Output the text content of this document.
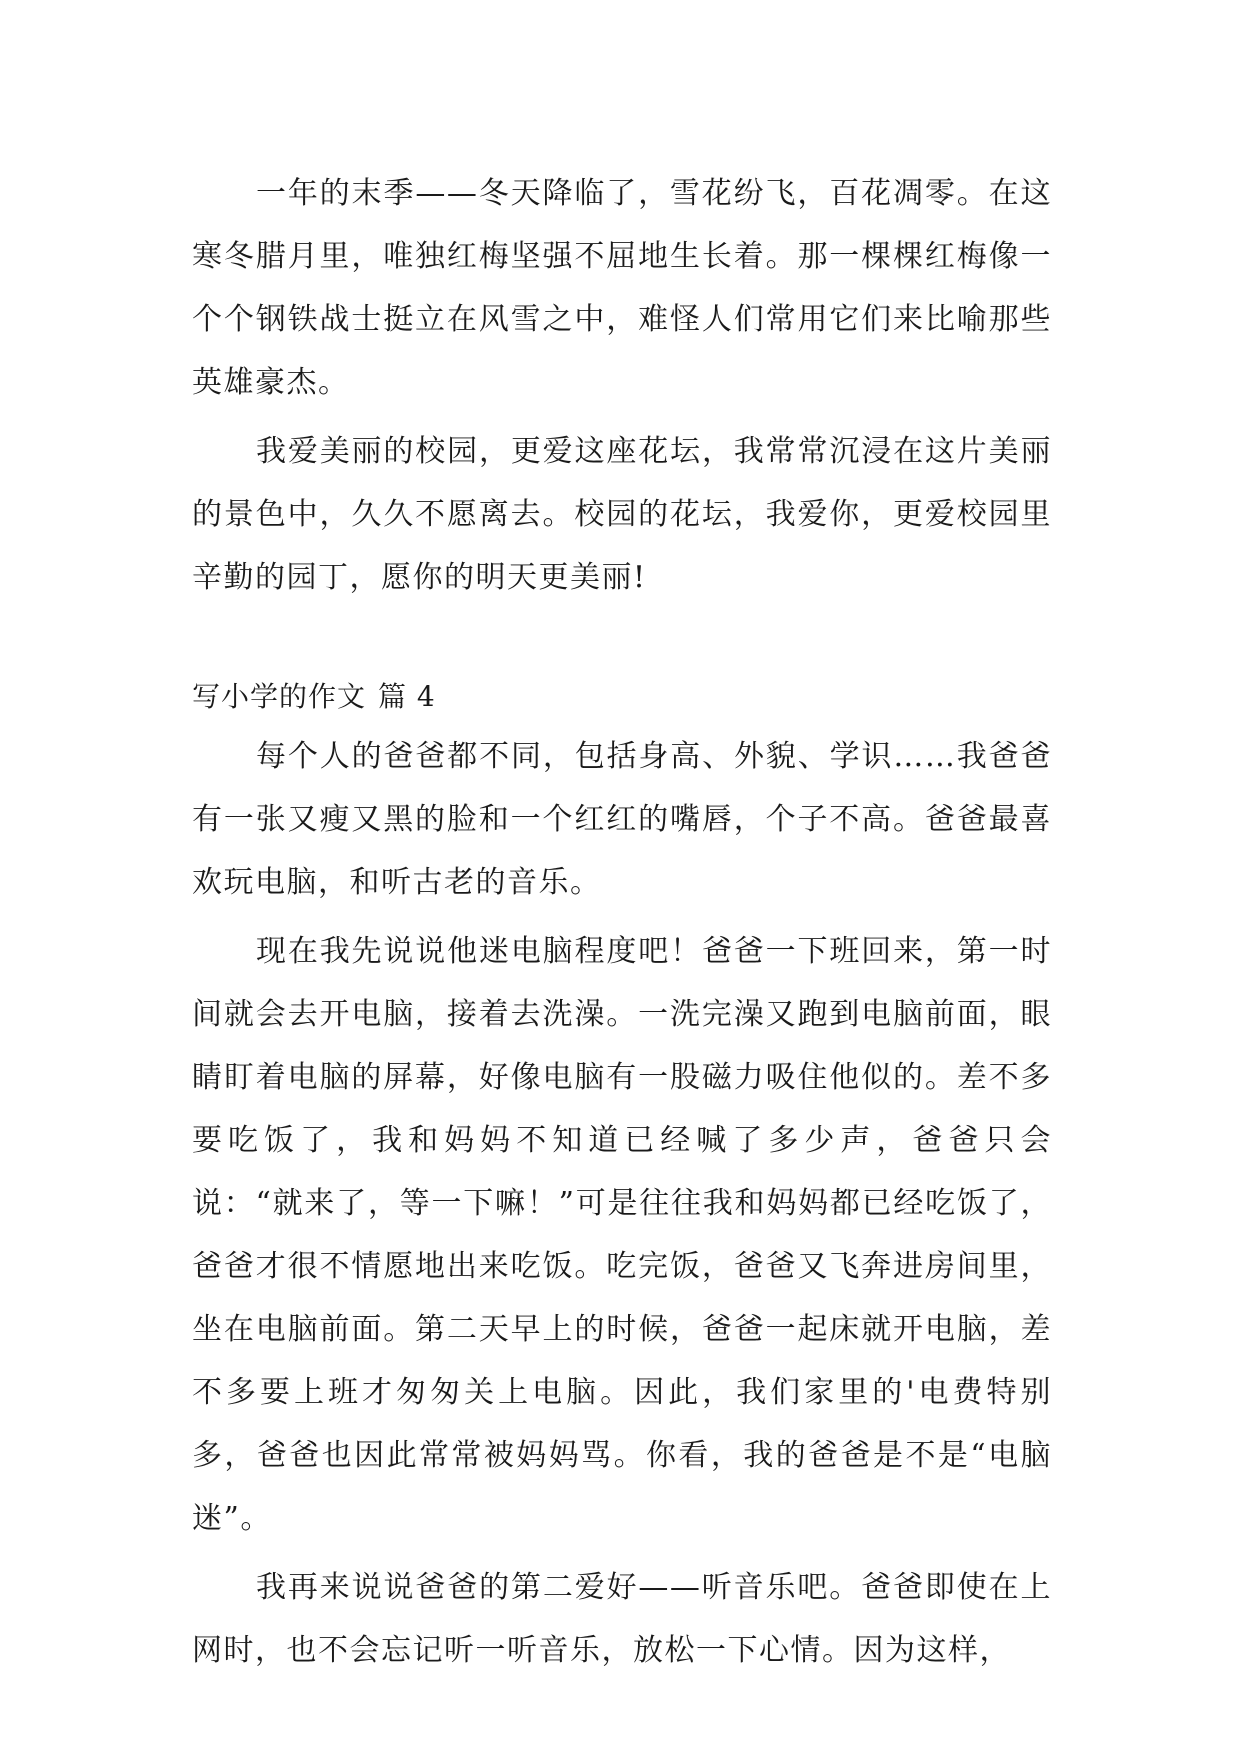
一年的末季——冬天降临了，雪花纷飞，百花凋零。在这寒冬腊月里，唯独红梅坚强不屈地生长着。那一棵棵红梅像一个个钢铁战士挺立在风雪之中，难怪人们常用它们来比喻那些英雄豪杰。

我爱美丽的校园，更爱这座花坛，我常常沉浸在这片美丽的景色中，久久不愿离去。校园的花坛，我爱你，更爱校园里辛勤的园丁，愿你的明天更美丽!

写小学的作文 篇 4

每个人的爸爸都不同，包括身高、外貌、学识……我爸爸有一张又瘦又黑的脸和一个红红的嘴唇，个子不高。爸爸最喜欢玩电脑，和听古老的音乐。

现在我先说说他迷电脑程度吧！爸爸一下班回来，第一时间就会去开电脑，接着去洗澡。一洗完澡又跑到电脑前面，眼睛盯着电脑的屏幕，好像电脑有一股磁力吸住他似的。差不多要吃饭了，我和妈妈不知道已经喊了多少声，爸爸只会说：“就来了，等一下嘛！”可是往往我和妈妈都已经吃饭了，爸爸才很不情愿地出来吃饭。吃完饭，爸爸又飞奔进房间里，坐在电脑前面。第二天早上的时候，爸爸一起床就开电脑，差不多要上班才匆匆关上电脑。因此，我们家里的'电费特别多，爸爸也因此常常被妈妈骂。你看，我的爸爸是不是“电脑迷”。

我再来说说爸爸的第二爱好——听音乐吧。爸爸即使在上网时，也不会忘记听一听音乐，放松一下心情。因为这样，
